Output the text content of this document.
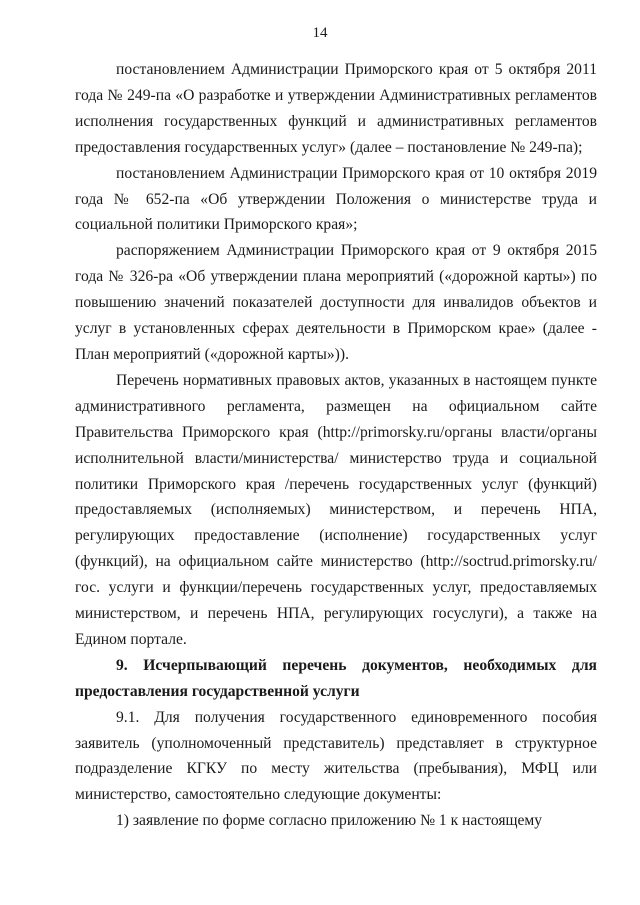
14

постановлением Администрации Приморского края от 5 октября 2011 года № 249-па «О разработке и утверждении Административных регламентов исполнения государственных функций и административных регламентов предоставления государственных услуг» (далее – постановление № 249-па);

постановлением Администрации Приморского края от 10 октября 2019 года № 652-па «Об утверждении Положения о министерстве труда и социальной политики Приморского края»;

распоряжением Администрации Приморского края от 9 октября 2015 года № 326-ра «Об утверждении плана мероприятий («дорожной карты») по повышению значений показателей доступности для инвалидов объектов и услуг в установленных сферах деятельности в Приморском крае» (далее - План мероприятий («дорожной карты»)).

Перечень нормативных правовых актов, указанных в настоящем пункте административного регламента, размещен на официальном сайте Правительства Приморского края (http://primorsky.ru/органы власти/органы исполнительной власти/министерства/ министерство труда и социальной политики Приморского края /перечень государственных услуг (функций) предоставляемых (исполняемых) министерством, и перечень НПА, регулирующих предоставление (исполнение) государственных услуг (функций), на официальном сайте министерство (http://soctrud.primorsky.ru/гос. услуги и функции/перечень государственных услуг, предоставляемых министерством, и перечень НПА, регулирующих госуслуги), а также на Едином портале.

9. Исчерпывающий перечень документов, необходимых для предоставления государственной услуги

9.1. Для получения государственного единовременного пособия заявитель (уполномоченный представитель) представляет в структурное подразделение КГКУ по месту жительства (пребывания), МФЦ или министерство, самостоятельно следующие документы:

1) заявление по форме согласно приложению № 1 к настоящему
